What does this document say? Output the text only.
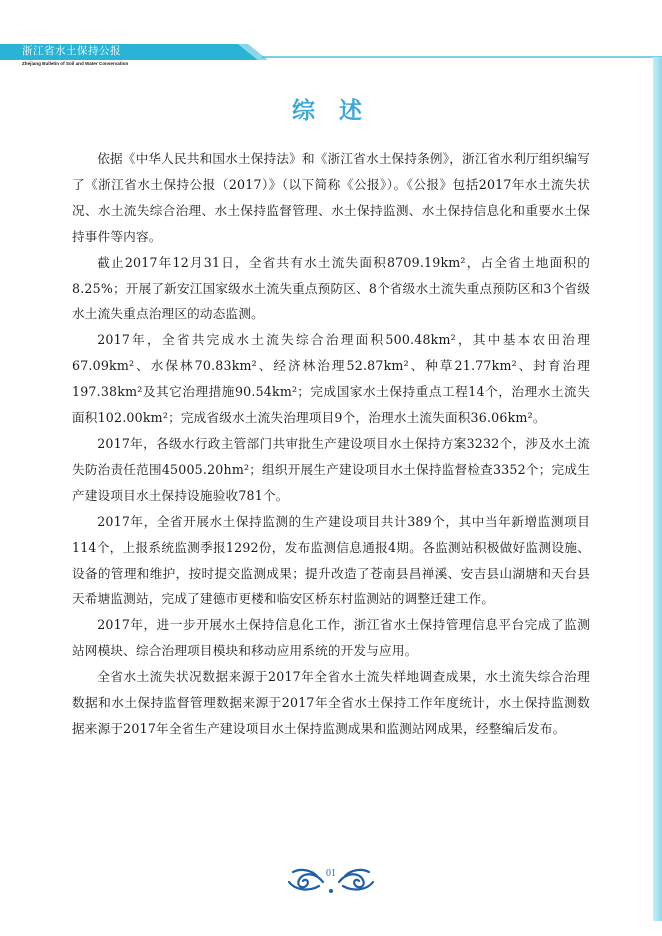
浙江省水土保持公报
Zhejiang Bulletin of Soil and Water Conservation
综 述

依据《中华人民共和国水土保持法》和《浙江省水土保持条例》，浙江省水利厅组织编写了《浙江省水土保持公报（2017）》（以下简称《公报》）。《公报》包括2017年水土流失状况、水土流失综合治理、水土保持监督管理、水土保持监测、水土保持信息化和重要水土保持事件等内容。

截止2017年12月31日，全省共有水土流失面积8709.19km²，占全省土地面积的8.25%；开展了新安江国家级水土流失重点预防区、8个省级水土流失重点预防区和3个省级水土流失重点治理区的动态监测。

2017年，全省共完成水土流失综合治理面积500.48km²，其中基本农田治理67.09km²、水保林70.83km²、经济林治理52.87km²、种草21.77km²、封育治理197.38km²及其它治理措施90.54km²；完成国家水土保持重点工程14个，治理水土流失面积102.00km²；完成省级水土流失治理项目9个，治理水土流失面积36.06km²。

2017年，各级水行政主管部门共审批生产建设项目水土保持方案3232个，涉及水土流失防治责任范围45005.20hm²；组织开展生产建设项目水土保持监督检查3352个；完成生产建设项目水土保持设施验收781个。

2017年，全省开展水土保持监测的生产建设项目共计389个，其中当年新增监测项目114个，上报系统监测季报1292份，发布监测信息通报4期。各监测站积极做好监测设施、设备的管理和维护，按时提交监测成果；提升改造了苍南县昌禅溪、安吉县山湖塘和天台县天希塘监测站，完成了建德市更楼和临安区桥东村监测站的调整迁建工作。

2017年，进一步开展水土保持信息化工作，浙江省水土保持管理信息平台完成了监测站网模块、综合治理项目模块和移动应用系统的开发与应用。

全省水土流失状况数据来源于2017年全省水土流失样地调查成果，水土流失综合治理数据和水土保持监督管理数据来源于2017年全省水土保持工作年度统计，水土保持监测数据来源于2017年全省生产建设项目水土保持监测成果和监测站网成果，经整编后发布。

01
